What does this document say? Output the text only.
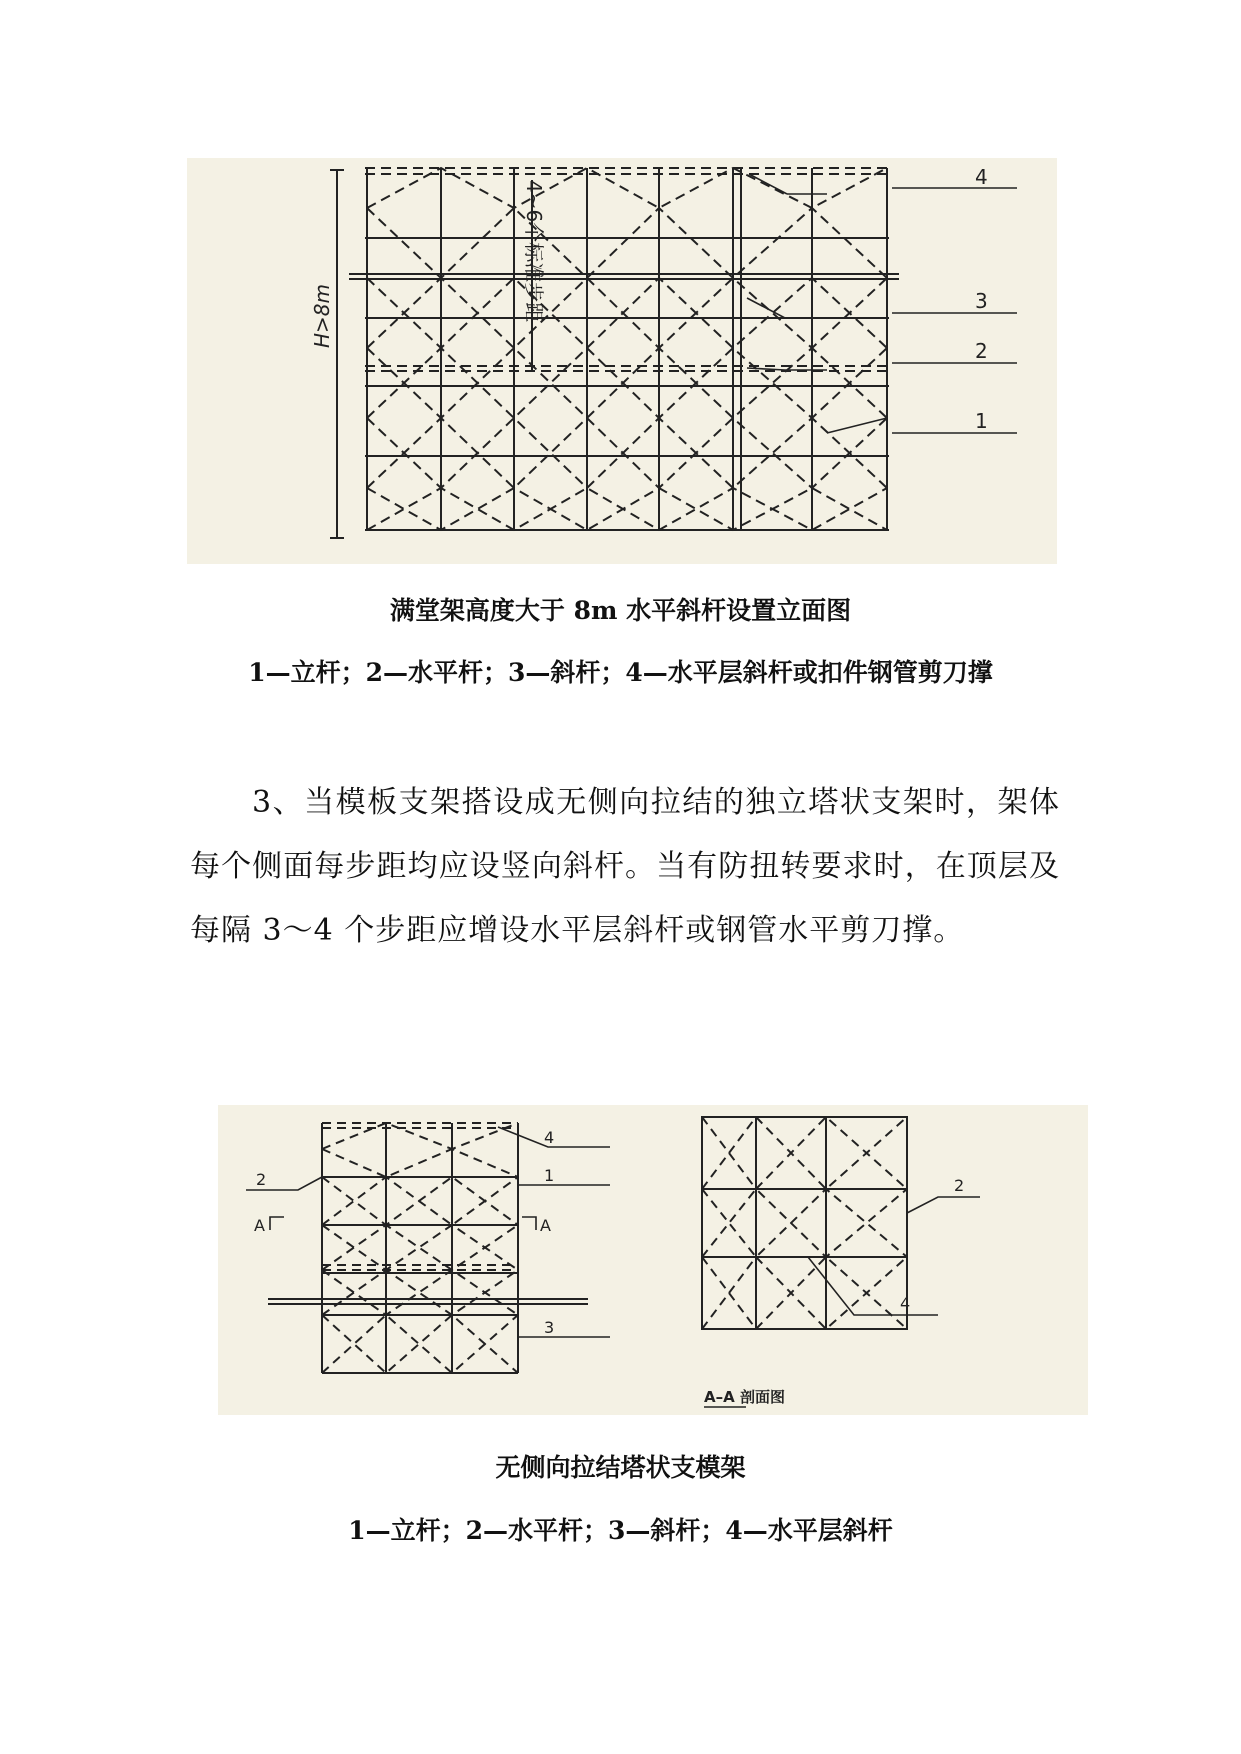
4
3
2
1
H>8m	4~6个标准步距
满堂架高度大于 8m 水平斜杆设置立面图
1—立杆；2—水平杆；3—斜杆；4—水平层斜杆或扣件钢管剪刀撑
3、当模板支架搭设成无侧向拉结的独立塔状支架时，架体每个侧面每步距均应设竖向斜杆。当有防扭转要求时，在顶层及每隔 3～4 个步距应增设水平层斜杆或钢管水平剪刀撑。
4
1
2
3
A	A
2
4
A–A 剖面图
无侧向拉结塔状支模架
1—立杆；2—水平杆；3—斜杆；4—水平层斜杆
